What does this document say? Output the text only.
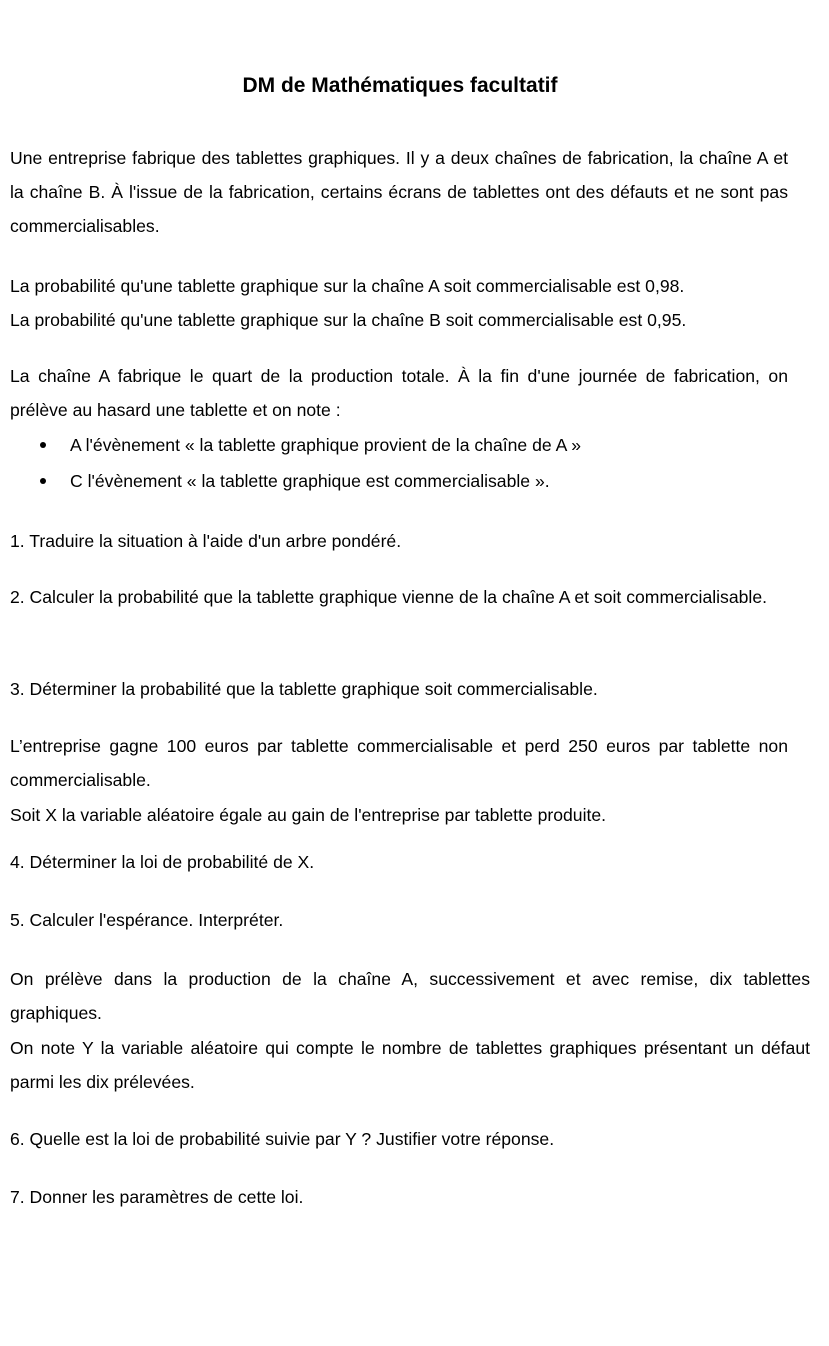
DM de Mathématiques facultatif

Une entreprise fabrique des tablettes graphiques. Il y a deux chaînes de fabrication, la chaîne A et la chaîne B. À l'issue de la fabrication, certains écrans de tablettes ont des défauts et ne sont pas commercialisables.

La probabilité qu'une tablette graphique sur la chaîne A soit commercialisable est 0,98.
La probabilité qu'une tablette graphique sur la chaîne B soit commercialisable est 0,95.

La chaîne A fabrique le quart de la production totale. À la fin d'une journée de fabrication, on prélève au hasard une tablette et on note :

A l'évènement « la tablette graphique provient de la chaîne de A »
C l'évènement « la tablette graphique est commercialisable ».
1. Traduire la situation à l'aide d'un arbre pondéré.

2. Calculer la probabilité que la tablette graphique vienne de la chaîne A et soit commercialisable.

3. Déterminer la probabilité que la tablette graphique soit commercialisable.

L’entreprise gagne 100 euros par tablette commercialisable et perd 250 euros par tablette non commercialisable.

Soit X la variable aléatoire égale au gain de l'entreprise par tablette produite.
4. Déterminer la loi de probabilité de X.
5. Calculer l'espérance. Interpréter.

On prélève dans la production de la chaîne A, successivement et avec remise, dix tablettes graphiques.

On note Y la variable aléatoire qui compte le nombre de tablettes graphiques présentant un défaut parmi les dix prélevées.

6. Quelle est la loi de probabilité suivie par Y ? Justifier votre réponse.
7. Donner les paramètres de cette loi.
